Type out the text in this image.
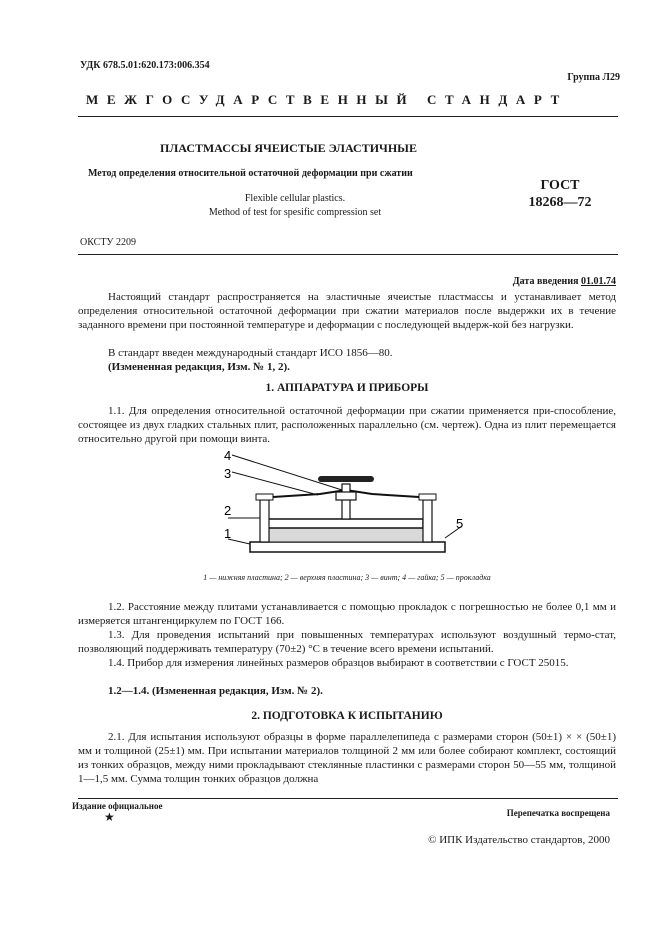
УДК 678.5.01:620.173:006.354
Группа Л29
МЕЖГОСУДАРСТВЕННЫЙ СТАНДАРТ
ПЛАСТМАССЫ ЯЧЕИСТЫЕ ЭЛАСТИЧНЫЕ
Метод определения относительной остаточной деформации при сжатии
Flexible cellular plastics.
Method of test for spesific compression set
ГОСТ
18268—72
ОКСТУ 2209
Дата введения 01.01.74
Настоящий стандарт распространяется на эластичные ячеистые пластмассы и устанавливает метод определения относительной остаточной деформации при сжатии материалов после выдержки их в течение заданного времени при постоянной температуре и деформации с последующей выдерж-кой без нагрузки.
В стандарт введен международный стандарт ИСО 1856—80.
(Измененная редакция, Изм. № 1, 2).
1. АППАРАТУРА И ПРИБОРЫ
1.1. Для определения относительной остаточной деформации при сжатии применяется при-способление, состоящее из двух гладких стальных плит, расположенных параллельно (см. чертеж). Одна из плит перемещается относительно другой при помощи винта.
4
3
2
1
5
1 — нижняя пластина; 2 — верхняя пластина; 3 — винт; 4 — гайка; 5 — прокладка
1.2. Расстояние между плитами устанавливается с помощью прокладок с погрешностью не более 0,1 мм и измеряется штангенциркулем по ГОСТ 166.
1.3. Для проведения испытаний при повышенных температурах используют воздушный термо-стат, позволяющий поддерживать температуру (70±2) °С в течение всего времени испытаний.
1.4. Прибор для измерения линейных размеров образцов выбирают в соответствии с ГОСТ 25015.
1.2—1.4. (Измененная редакция, Изм. № 2).
2. ПОДГОТОВКА К ИСПЫТАНИЮ
2.1. Для испытания используют образцы в форме параллелепипеда с размерами сторон (50±1) × × (50±1) мм и толщиной (25±1) мм. При испытании материалов толщиной 2 мм или более собирают комплект, состоящий из тонких образцов, между ними прокладывают стеклянные пластинки с размерами сторон 50—55 мм, толщиной 1—1,5 мм. Сумма толщин тонких образцов должна
Издание официальное
★	Перепечатка воспрещена
© ИПК Издательство стандартов, 2000
